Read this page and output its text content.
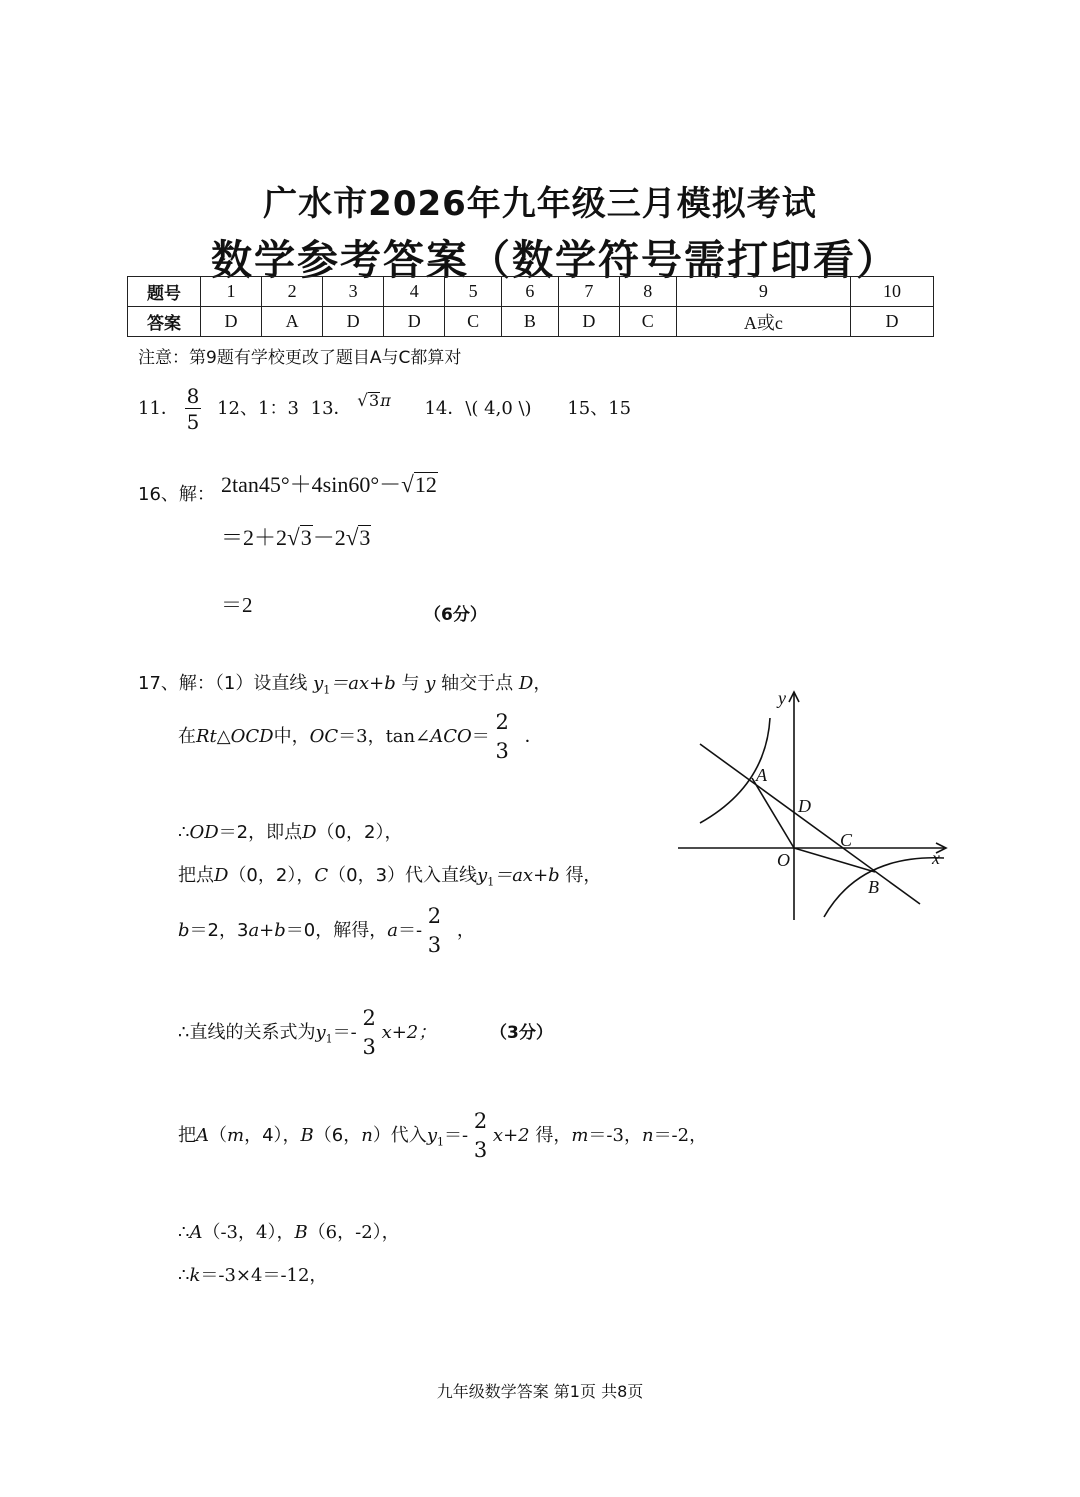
广水市2026年九年级三月模拟考试
数学参考答案（数学符号需打印看）
题号	1	2	3	4	5	6	7	8	9	10
答案	D	A	D	D	C	B	D	C	A或c	D
注意：第9题有学校更改了题目A与C都算对
11． $\frac{8}{5} 12$、1：3 13． √3π 14．\( 4,0 \) 15、15
16、解： 2tan45°＋4sin60°－√12
＝2＋2√3－2√3
＝2	（6分）
17、解：（1）设直线 $y_1=ax+b$ 与 y 轴交于点 D，
在Rt△OCD中，OC＝3，tan∠ACO＝
2
3
．
∴OD＝2，即点D（0，2），
把点D（0，2），C（0，3）代入直线$y_1=ax+b$ 得，
b＝2，3a+b＝0，解得，a＝-
2
3
，
∴直线的关系式为$y_1=-$
2
3
x+2；	（3分）
把A（m，4），B（6，n）代入$y_1=-$
2
3
x+2 得，m＝-3，n＝-2，
∴A（-3，4），B（6，-2），
∴k＝-3×4＝-12，
y
x
O
A
B
C
D
九年级数学答案 第1页 共8页
